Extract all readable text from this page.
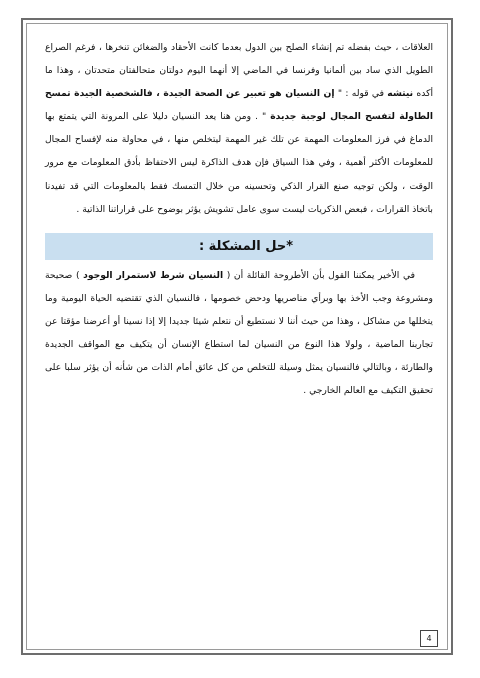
العلاقات ، حيث بفضله تم إنشاء الصلح بين الدول بعدما كانت الأحقاد والضغائن تنخرها ، فرغم الصراع الطويل الذي ساد بين ألمانيا وفرنسا في الماضي إلا أنهما اليوم دولتان متحالفتان متحدتان ، وهذا ما أكده نيتشه في قوله : " إن النسيان هو تعبير عن الصحة الجيدة ، فالشخصية الجيدة تمسح الطاولة لتفسح المجال لوجبة جديدة " . ومن هنا يعد النسيان دليلا على المرونة التي يتمتع بها الدماغ في فرز المعلومات المهمة عن تلك غير المهمة ليتخلص منها ، في محاولة منه لإفساح المجال للمعلومات الأكثر أهمية ، وفي هذا السياق فإن هدف الذاكرة ليس الاحتفاظ بأدق المعلومات مع مرور الوقت ، ولكن توجيه صنع القرار الذكي وتحسينه من خلال التمسك فقط بالمعلومات التي قد تفيدنا باتخاذ القرارات ، فبعض الذكريات ليست سوى عامل تشويش يؤثر بوضوح على قراراتنا الذاتية .

*حل المشكلة :

في الأخير يمكننا القول بأن الأطروحة القائلة أن ( النسيان شرط لاستمرار الوجود ) صحيحة ومشروعة وجب الأخذ بها وبرأي مناصريها ودحض خصومها ، فالنسيان الذي تقتضيه الحياة اليومية وما يتخللها من مشاكل ، وهذا من حيث أننا لا نستطيع أن نتعلم شيئا جديدا إلا إذا نسينا أو أعرضنا مؤقتا عن تجاربنا الماضية ، ولولا هذا النوع من النسيان لما استطاع الإنسان أن يتكيف مع المواقف الجديدة والطارئة ، وبالتالي فالنسيان يمثل وسيلة للتخلص من كل عائق أمام الذات من شأنه أن يؤثر سلبا على تحقيق التكيف مع العالم الخارجي .

4
